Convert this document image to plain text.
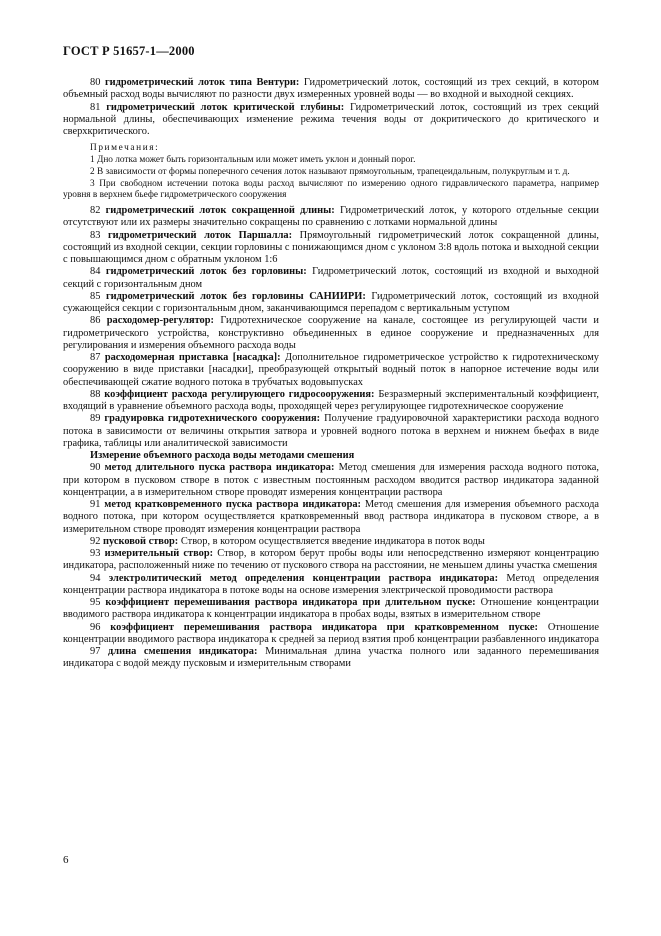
ГОСТ Р 51657-1—2000

80 гидрометрический лоток типа Вентури: Гидрометрический лоток, состоящий из трех секций, в котором объемный расход воды вычисляют по разности двух измеренных уровней воды — во входной и выходной секциях.

81 гидрометрический лоток критической глубины: Гидрометрический лоток, состоящий из трех секций нормальной длины, обеспечивающих изменение режима течения воды от докритического до критического и сверхкритического.

Примечания:

1 Дно лотка может быть горизонтальным или может иметь уклон и донный порог.

2 В зависимости от формы поперечного сечения лоток называют прямоугольным, трапецеидальным, полукруглым и т. д.

3 При свободном истечении потока воды расход вычисляют по измерению одного гидравлического параметра, например уровня в верхнем бьефе гидрометрического сооружения

82 гидрометрический лоток сокращенной длины: Гидрометрический лоток, у которого отдельные секции отсутствуют или их размеры значительно сокращены по сравнению с лотками нормальной длины

83 гидрометрический лоток Паршалла: Прямоугольный гидрометрический лоток сокращенной длины, состоящий из входной секции, секции горловины с понижающимся дном с уклоном 3:8 вдоль потока и выходной секции с повышающимся дном с обратным уклоном 1:6

84 гидрометрический лоток без горловины: Гидрометрический лоток, состоящий из входной и выходной секций с горизонтальным дном

85 гидрометрический лоток без горловины САНИИРИ: Гидрометрический лоток, состоящий из входной сужающейся секции с горизонтальным дном, заканчивающимся перепадом с вертикальным уступом

86 расходомер-регулятор: Гидротехническое сооружение на канале, состоящее из регулирующей части и гидрометрического устройства, конструктивно объединенных в единое сооружение и предназначенных для регулирования и измерения объемного расхода воды

87 расходомерная приставка [насадка]: Дополнительное гидрометрическое устройство к гидротехническому сооружению в виде приставки [насадки], преобразующей открытый водный поток в напорное истечение воды или обеспечивающей сжатие водного потока в трубчатых водовыпусках

88 коэффициент расхода регулирующего гидросооружения: Безразмерный экспериментальный коэффициент, входящий в уравнение объемного расхода воды, проходящей через регулирующее гидротехническое сооружение

89 градуировка гидротехнического сооружения: Получение градуировочной характеристики расхода водного потока в зависимости от величины открытия затвора и уровней водного потока в верхнем и нижнем бьефах в виде графика, таблицы или аналитической зависимости

Измерение объемного расхода воды методами смешения

90 метод длительного пуска раствора индикатора: Метод смешения для измерения расхода водного потока, при котором в пусковом створе в поток с известным постоянным расходом вводится раствор индикатора заданной концентрации, а в измерительном створе проводят измерения концентрации раствора

91 метод кратковременного пуска раствора индикатора: Метод смешения для измерения объемного расхода водного потока, при котором осуществляется кратковременный ввод раствора индикатора в пусковом створе, а в измерительном створе проводят измерения концентрации раствора

92 пусковой створ: Створ, в котором осуществляется введение индикатора в поток воды

93 измерительный створ: Створ, в котором берут пробы воды или непосредственно измеряют концентрацию индикатора, расположенный ниже по течению от пускового створа на расстоянии, не меньшем длины участка смешения

94 электролитический метод определения концентрации раствора индикатора: Метод определения концентрации раствора индикатора в потоке воды на основе измерения электрической проводимости раствора

95 коэффициент перемешивания раствора индикатора при длительном пуске: Отношение концентрации вводимого раствора индикатора к концентрации индикатора в пробах воды, взятых в измерительном створе

96 коэффициент перемешивания раствора индикатора при кратковременном пуске: Отношение концентрации вводимого раствора индикатора к средней за период взятия проб концентрации разбавленного индикатора

97 длина смешения индикатора: Минимальная длина участка полного или заданного перемешивания индикатора с водой между пусковым и измерительным створами

6
